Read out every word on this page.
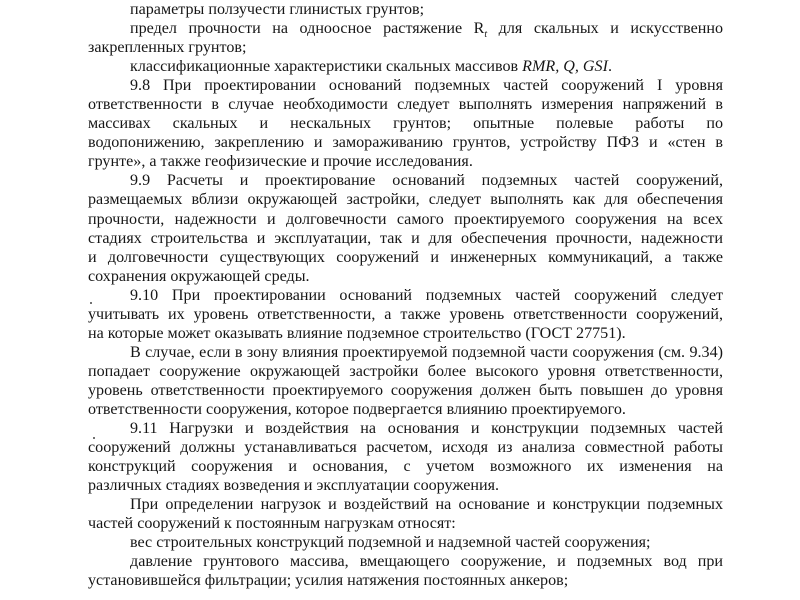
параметры ползучести глинистых грунтов;
предел прочности на одноосное растяжение $R_t$ для скальных и искусственно
закрепленных грунтов;
классификационные характеристики скальных массивов RMR, Q, GSI.
9.8 При проектировании оснований подземных частей сооружений I уровня
ответственности в случае необходимости следует выполнять измерения напряжений в
массивах скальных и нескальных грунтов; опытные полевые работы по
водопонижению, закреплению и замораживанию грунтов, устройству ПФЗ и «стен в
грунте», а также геофизические и прочие исследования.
9.9 Расчеты и проектирование оснований подземных частей сооружений,
размещаемых вблизи окружающей застройки, следует выполнять как для обеспечения
прочности, надежности и долговечности самого проектируемого сооружения на всех
стадиях строительства и эксплуатации, так и для обеспечения прочности, надежности
и долговечности существующих сооружений и инженерных коммуникаций, а также
сохранения окружающей среды.
9.10 При проектировании оснований подземных частей сооружений следует
учитывать их уровень ответственности, а также уровень ответственности сооружений,
на которые может оказывать влияние подземное строительство (ГОСТ 27751).
В случае, если в зону влияния проектируемой подземной части сооружения (см. 9.34)
попадает сооружение окружающей застройки более высокого уровня ответственности,
уровень ответственности проектируемого сооружения должен быть повышен до уровня
ответственности сооружения, которое подвергается влиянию проектируемого.
9.11 Нагрузки и воздействия на основания и конструкции подземных частей
сооружений должны устанавливаться расчетом, исходя из анализа совместной работы
конструкций сооружения и основания, с учетом возможного их изменения на
различных стадиях возведения и эксплуатации сооружения.
При определении нагрузок и воздействий на основание и конструкции подземных
частей сооружений к постоянным нагрузкам относят:
вес строительных конструкций подземной и надземной частей сооружения;
давление грунтового массива, вмещающего сооружение, и подземных вод при
установившейся фильтрации; усилия натяжения постоянных анкеров;
